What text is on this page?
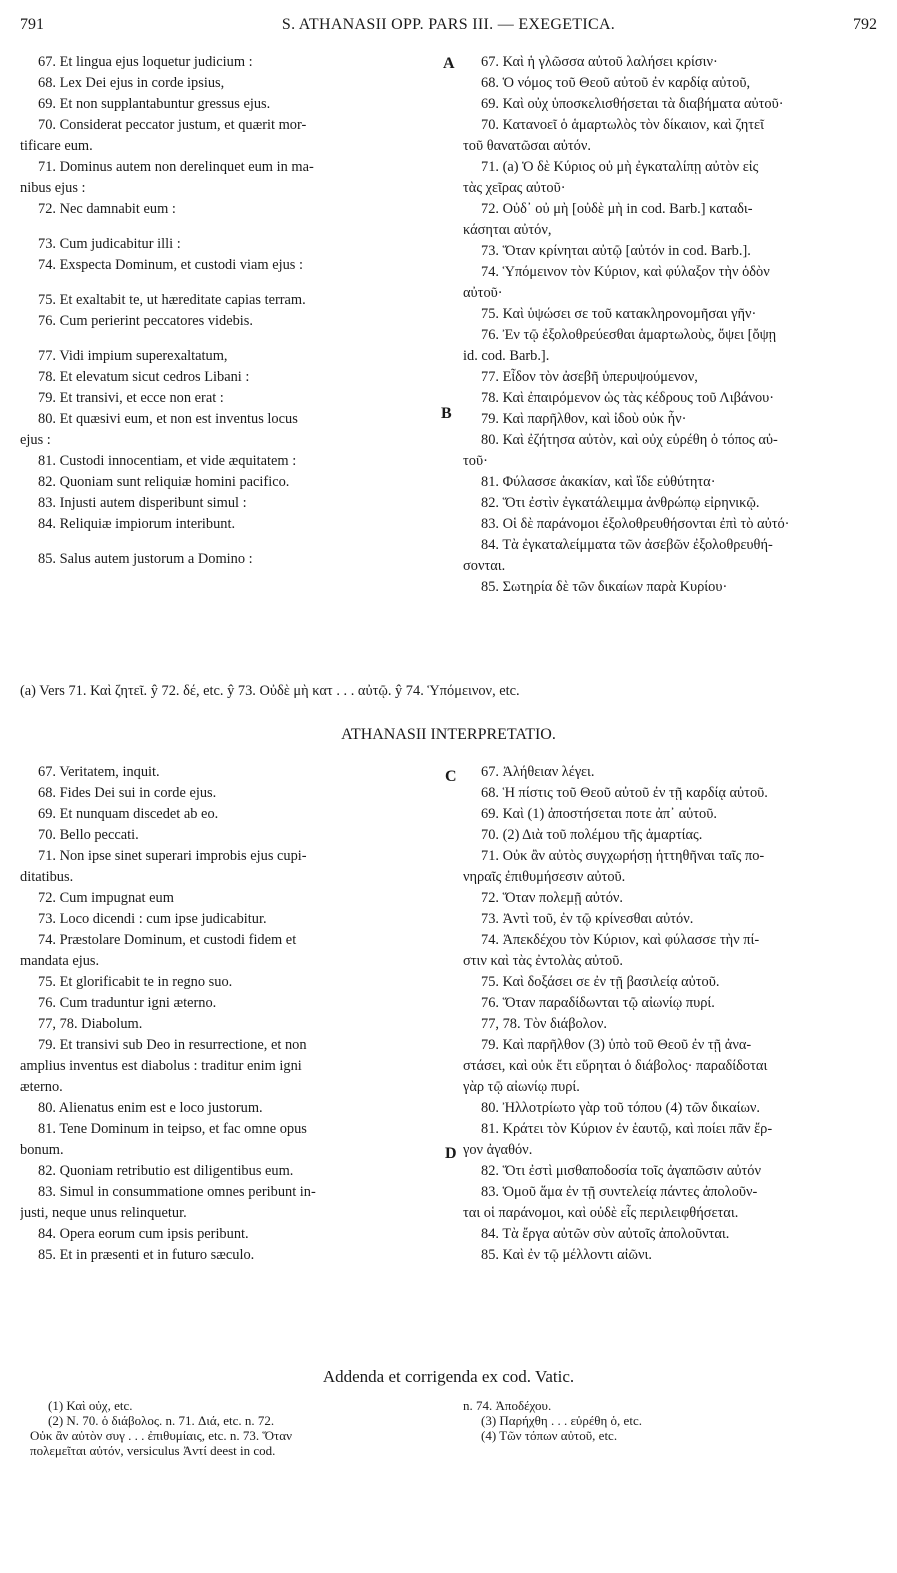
791	S. ATHANASII OPP. PARS III. — EXEGETICA.	792
67. Et lingua ejus loquetur judicium :
68. Lex Dei ejus in corde ipsius,
69. Et non supplantabuntur gressus ejus.
70. Considerat peccator justum, et quærit mor-
tificare eum.
71. Dominus autem non derelinquet eum in ma-
nibus ejus :
72. Nec damnabit eum :
73. Cum judicabitur illi :
74. Exspecta Dominum, et custodi viam ejus :
75. Et exaltabit te, ut hæreditate capias terram.
76. Cum perierint peccatores videbis.
77. Vidi impium superexaltatum,
78. Et elevatum sicut cedros Libani :
79. Et transivi, et ecce non erat :
80. Et quæsivi eum, et non est inventus locus
ejus :
81. Custodi innocentiam, et vide æquitatem :
82. Quoniam sunt reliquiæ homini pacifico.
83. Injusti autem disperibunt simul :
84. Reliquiæ impiorum interibunt.
85. Salus autem justorum a Domino :
67. Καὶ ἡ γλῶσσα αὐτοῦ λαλήσει κρίσιν·
68. Ὁ νόμος τοῦ Θεοῦ αὐτοῦ ἐν καρδίᾳ αὐτοῦ,
69. Καὶ οὐχ ὑποσκελισθήσεται τὰ διαβήματα αὐτοῦ·
70. Κατανοεῖ ὁ ἁμαρτωλὸς τὸν δίκαιον, καὶ ζητεῖ
τοῦ θανατῶσαι αὐτόν.
71. (a) Ὁ δὲ Κύριος οὐ μὴ ἐγκαταλίπῃ αὐτὸν εἰς
τὰς χεῖρας αὐτοῦ·
72. Οὐδ᾽ οὐ μὴ [οὐδὲ μὴ in cod. Barb.] καταδι-
κάσηται αὐτόν,
73. Ὅταν κρίνηται αὐτῷ [αὐτόν in cod. Barb.].
74. Ὑπόμεινον τὸν Κύριον, καὶ φύλαξον τὴν ὁδὸν
αὐτοῦ·
75. Καὶ ὑψώσει σε τοῦ κατακληρονομῆσαι γῆν·
76. Ἐν τῷ ἐξολοθρεύεσθαι ἁμαρτωλοὺς, ὄψει [ὄψῃ
id. cod. Barb.].
77. Εἶδον τὸν ἀσεβῆ ὑπερυψούμενον,
78. Καὶ ἐπαιρόμενον ὡς τὰς κέδρους τοῦ Λιβάνου·
79. Καὶ παρῆλθον, καὶ ἰδοὺ οὐκ ἦν·
80. Καὶ ἐζήτησα αὐτὸν, καὶ οὐχ εὑρέθη ὁ τόπος αὐ-
τοῦ·
81. Φύλασσε ἀκακίαν, καὶ ἴδε εὐθύτητα·
82. Ὅτι ἐστὶν ἐγκατάλειμμα ἀνθρώπῳ εἰρηνικῷ.
83. Οἱ δὲ παράνομοι ἐξολοθρευθήσονται ἐπὶ τὸ αὐτό·
84. Τὰ ἐγκαταλείμματα τῶν ἀσεβῶν ἐξολοθρευθή-
σονται.
85. Σωτηρία δὲ τῶν δικαίων παρὰ Κυρίου·
A
B
C
D
(a) Vers 71. Καὶ ζητεῖ. ŷ 72. δέ, etc. ŷ 73. Οὐδὲ μὴ κατ . . . αὐτῷ. ŷ 74. Ὑπόμεινον, etc.
ATHANASII INTERPRETATIO.
67. Veritatem, inquit.
68. Fides Dei sui in corde ejus.
69. Et nunquam discedet ab eo.
70. Bello peccati.
71. Non ipse sinet superari improbis ejus cupi-
ditatibus.
72. Cum impugnat eum
73. Loco dicendi : cum ipse judicabitur.
74. Præstolare Dominum, et custodi fidem et
mandata ejus.
75. Et glorificabit te in regno suo.
76. Cum traduntur igni æterno.
77, 78. Diabolum.
79. Et transivi sub Deo in resurrectione, et non
amplius inventus est diabolus : traditur enim igni
æterno.
80. Alienatus enim est e loco justorum.
81. Tene Dominum in teipso, et fac omne opus
bonum.
82. Quoniam retributio est diligentibus eum.
83. Simul in consummatione omnes peribunt in-
justi, neque unus relinquetur.
84. Opera eorum cum ipsis peribunt.
85. Et in præsenti et in futuro sæculo.
67. Ἀλήθειαν λέγει.
68. Ἡ πίστις τοῦ Θεοῦ αὐτοῦ ἐν τῇ καρδίᾳ αὐτοῦ.
69. Καὶ (1) ἀποστήσεται ποτε ἀπ᾽ αὐτοῦ.
70. (2) Διὰ τοῦ πολέμου τῆς ἁμαρτίας.
71. Οὐκ ἂν αὐτὸς συγχωρήσῃ ἡττηθῆναι ταῖς πο-
νηραῖς ἐπιθυμήσεσιν αὐτοῦ.
72. Ὅταν πολεμῇ αὐτόν.
73. Ἀντὶ τοῦ, ἐν τῷ κρίνεσθαι αὐτόν.
74. Ἀπεκδέχου τὸν Κύριον, καὶ φύλασσε τὴν πί-
στιν καὶ τὰς ἐντολὰς αὐτοῦ.
75. Καὶ δοξάσει σε ἐν τῇ βασιλείᾳ αὐτοῦ.
76. Ὅταν παραδίδωνται τῷ αἰωνίῳ πυρί.
77, 78. Τὸν διάβολον.
79. Καὶ παρῆλθον (3) ὑπὸ τοῦ Θεοῦ ἐν τῇ ἀνα-
στάσει, καὶ οὐκ ἔτι εὕρηται ὁ διάβολος· παραδίδοται
γὰρ τῷ αἰωνίῳ πυρί.
80. Ἠλλοτρίωτο γὰρ τοῦ τόπου (4) τῶν δικαίων.
81. Κράτει τὸν Κύριον ἐν ἑαυτῷ, καὶ ποίει πᾶν ἔρ-
γον ἀγαθόν.
82. Ὅτι ἐστὶ μισθαποδοσία τοῖς ἀγαπῶσιν αὐτόν
83. Ὁμοῦ ἅμα ἐν τῇ συντελείᾳ πάντες ἀπολοῦν-
ται οἱ παράνομοι, καὶ οὐδὲ εἷς περιλειφθήσεται.
84. Τὰ ἔργα αὐτῶν σὺν αὐτοῖς ἀπολοῦνται.
85. Καὶ ἐν τῷ μέλλοντι αἰῶνι.
Addenda et corrigenda ex cod. Vatic.
(1) Καὶ οὐχ, etc.
(2) N. 70. ὁ διάβολος. n. 71. Διά, etc. n. 72.
Οὐκ ἂν αὐτὸν συγ . . . ἐπιθυμίαις, etc. n. 73. Ὅταν
πολεμεῖται αὐτόν, versiculus Ἀντί deest in cod.
n. 74. Ἀποδέχου.
(3) Παρήχθη . . . εὑρέθη ὁ, etc.
(4) Τῶν τόπων αὐτοῦ, etc.
